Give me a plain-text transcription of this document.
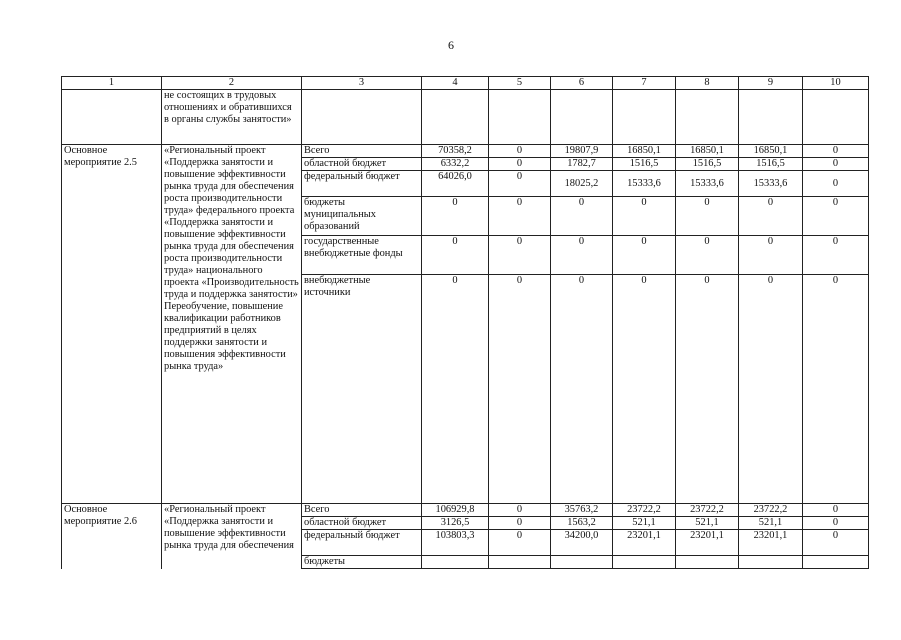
6
1	2	3	4	5	6	7	8	9	10
	не состоящих в трудовых отношениях и обратившихся в органы службы занятости»								
Основное мероприятие 2.5	«Региональный проект «Поддержка занятости и повышение эффективности рынка труда для обеспечения роста производительности труда» федерального проекта «Поддержка занятости и повышение эффективности рынка труда для обеспечения роста производительности труда» национального проекта «Производительность труда и поддержка занятости» Переобучение, повышение квалификации работников предприятий в целях поддержки занятости и повышения эффективности рынка труда»	Всего	70358,2	0	19807,9	16850,1	16850,1	16850,1	0
		областной бюджет	6332,2	0	1782,7	1516,5	1516,5	1516,5	0
		федеральный бюджет	64026,0	0	18025,2	15333,6	15333,6	15333,6	0
		бюджеты муниципальных образований	0	0	0	0	0	0	0
		государственные внебюджетные фонды	0	0	0	0	0	0	0
		внебюджетные источники	0	0	0	0	0	0	0
Основное мероприятие 2.6	«Региональный проект «Поддержка занятости и повышение эффективности рынка труда для обеспечения	Всего	106929,8	0	35763,2	23722,2	23722,2	23722,2	0
		областной бюджет	3126,5	0	1563,2	521,1	521,1	521,1	0
		федеральный бюджет	103803,3	0	34200,0	23201,1	23201,1	23201,1	0
		бюджеты							
